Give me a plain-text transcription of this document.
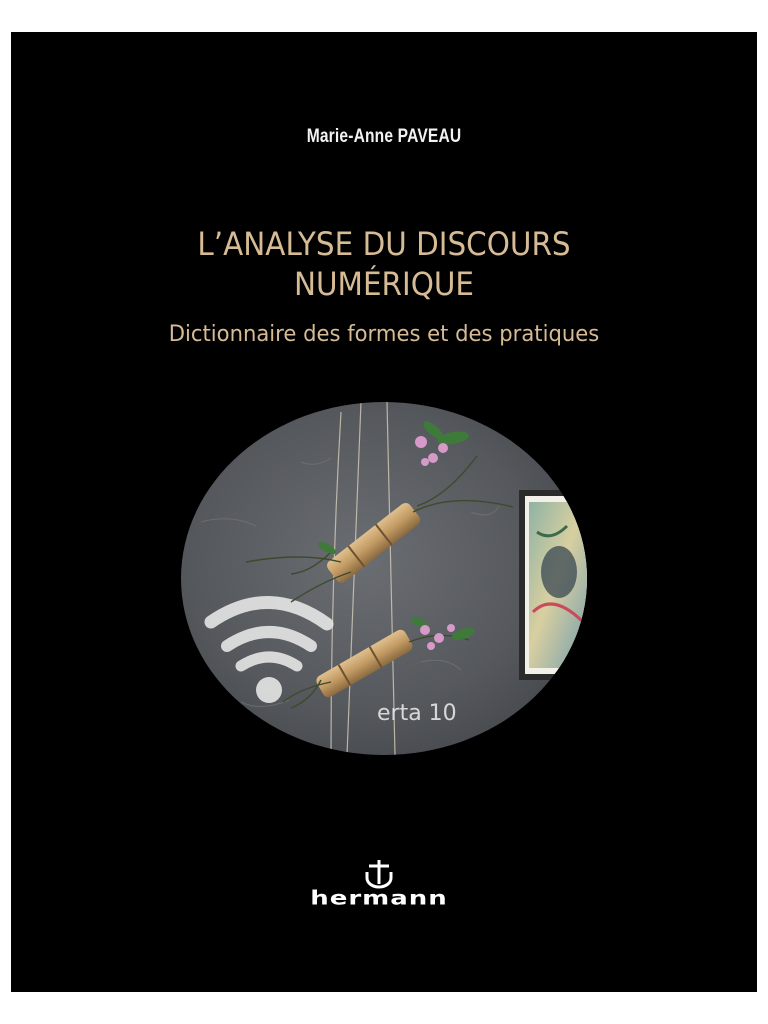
Marie-Anne PAVEAU
L’ANALYSE DU DISCOURS
NUMÉRIQUE
Dictionnaire des formes et des pratiques
erta 10
hermann
